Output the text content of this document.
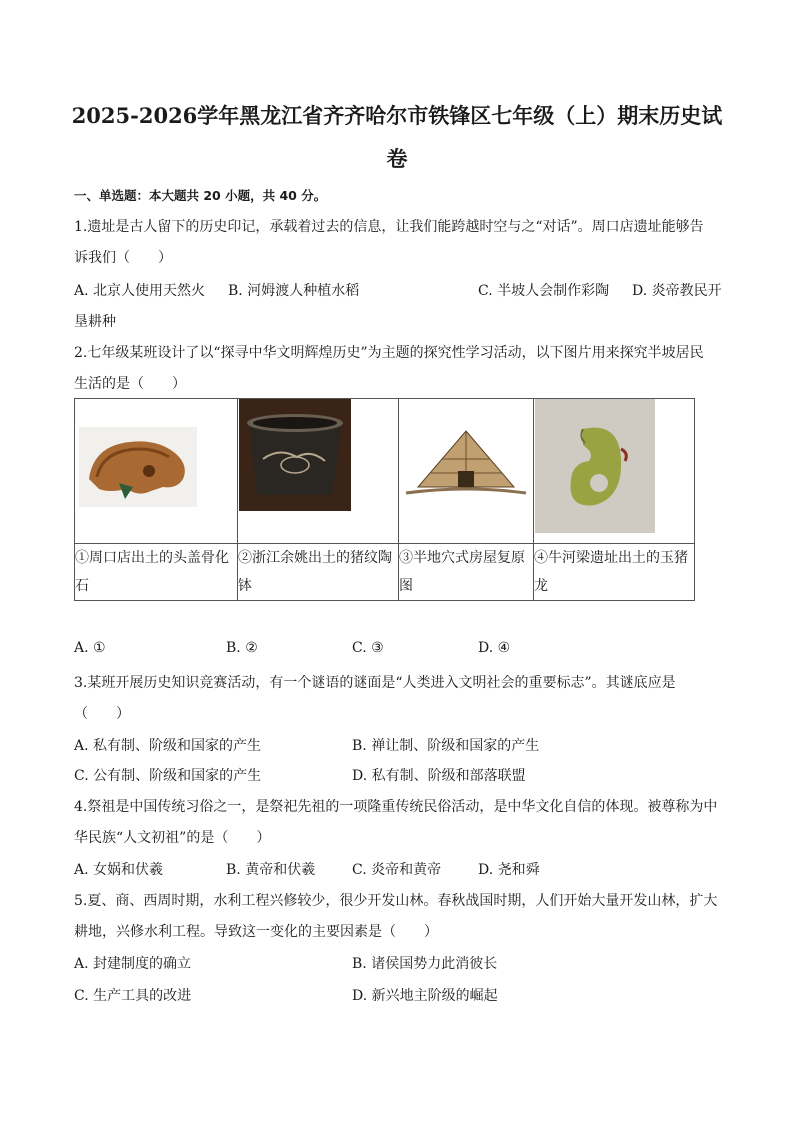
2025-2026学年黑龙江省齐齐哈尔市铁锋区七年级（上）期末历史试
卷
一、单选题：本大题共 20 小题，共 40 分。
1.遗址是古人留下的历史印记，承载着过去的信息，让我们能跨越时空与之“对话”。周口店遗址能够告
诉我们（　　）
A. 北京人使用天然火 B. 河姆渡人种植水稻	C. 半坡人会制作彩陶 D. 炎帝教民开
垦耕种
2.七年级某班设计了以“探寻中华文明辉煌历史”为主题的探究性学习活动，以下图片用来探究半坡居民
生活的是（　　）

①周口店出土的头盖骨化石	②浙江余姚出土的猪纹陶钵	③半地穴式房屋复原图	④牛河梁遗址出土的玉猪龙
A. ①	B. ②	C. ③	D. ④
3.某班开展历史知识竞赛活动，有一个谜语的谜面是“人类进入文明社会的重要标志”。其谜底应是
（　　）
A. 私有制、阶级和国家的产生	B. 禅让制、阶级和国家的产生
C. 公有制、阶级和国家的产生	D. 私有制、阶级和部落联盟
4.祭祖是中国传统习俗之一，是祭祀先祖的一项隆重传统民俗活动，是中华文化自信的体现。被尊称为中
华民族“人文初祖”的是（　　）
A. 女娲和伏羲	B. 黄帝和伏羲	C. 炎帝和黄帝	D. 尧和舜
5.夏、商、西周时期，水利工程兴修较少，很少开发山林。春秋战国时期，人们开始大量开发山林，扩大
耕地，兴修水利工程。导致这一变化的主要因素是（　　）
A. 封建制度的确立	B. 诸侯国势力此消彼长
C. 生产工具的改进	D. 新兴地主阶级的崛起
